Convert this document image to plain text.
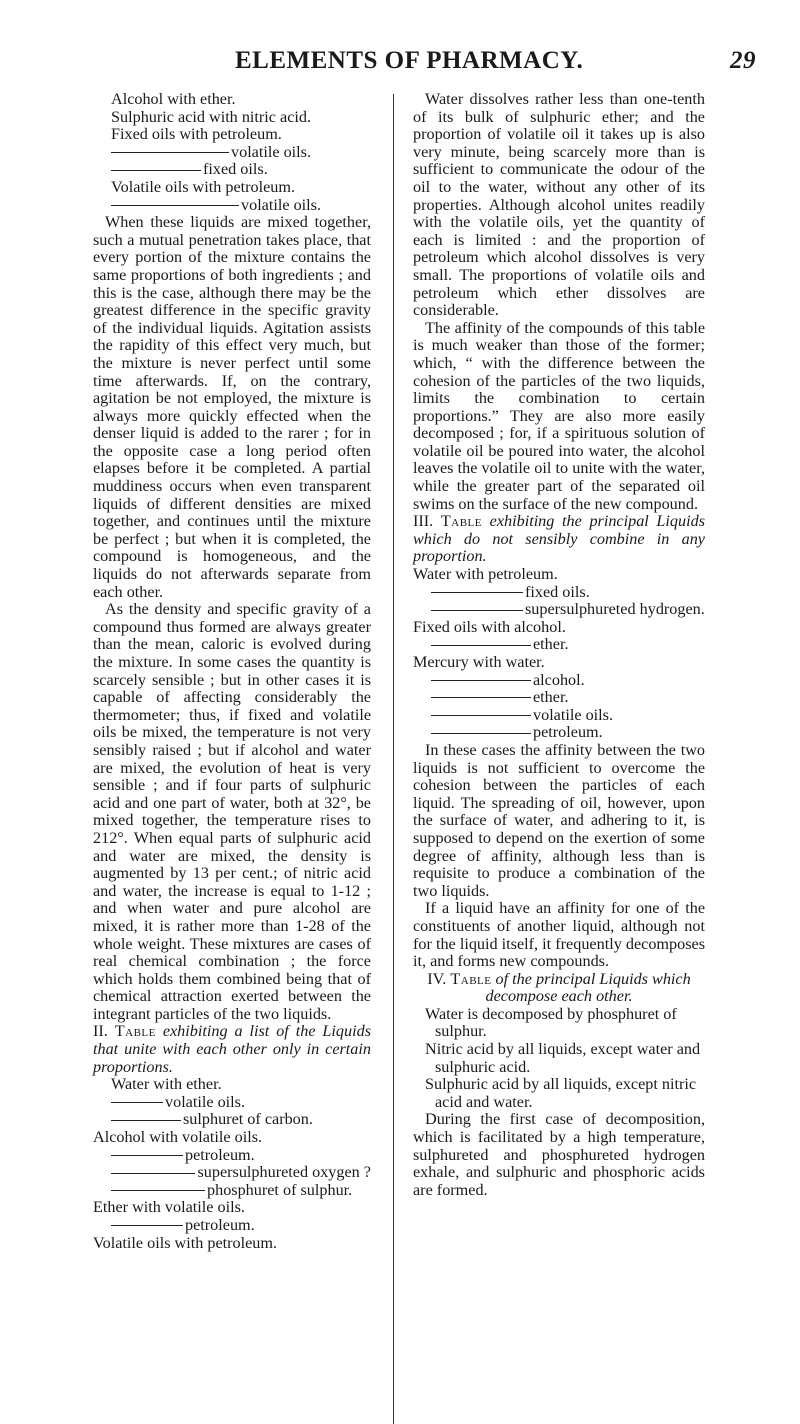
ELEMENTS OF PHARMACY.	29
Alcohol with ether.
Sulphuric acid with nitric acid.
Fixed oils with petroleum.
volatile oils.
fixed oils.
Volatile oils with petroleum.
volatile oils.

When these liquids are mixed together, such a mutual penetration takes place, that every portion of the mixture contains the same proportions of both ingredients ; and this is the case, although there may be the greatest difference in the specific gravity of the individual liquids. Agitation assists the rapidity of this effect very much, but the mixture is never perfect until some time afterwards. If, on the contrary, agitation be not employed, the mixture is always more quickly effected when the denser liquid is added to the rarer ; for in the opposite case a long period often elapses before it be completed. A partial muddiness occurs when even transparent liquids of different densities are mixed together, and continues until the mixture be perfect ; but when it is completed, the compound is homogeneous, and the liquids do not afterwards separate from each other.

As the density and specific gravity of a compound thus formed are always greater than the mean, caloric is evolved during the mixture. In some cases the quantity is scarcely sensible ; but in other cases it is capable of affecting considerably the thermometer; thus, if fixed and volatile oils be mixed, the temperature is not very sensibly raised ; but if alcohol and water are mixed, the evolution of heat is very sensible ; and if four parts of sulphuric acid and one part of water, both at 32°, be mixed together, the temperature rises to 212°. When equal parts of sulphuric acid and water are mixed, the density is augmented by 13 per cent.; of nitric acid and water, the increase is equal to 1-12 ; and when water and pure alcohol are mixed, it is rather more than 1-28 of the whole weight. These mixtures are cases of real chemical combination ; the force which holds them combined being that of chemical attraction exerted between the integrant particles of the two liquids.

II. Table exhibiting a list of the Liquids that unite with each other only in certain proportions.

Water with ether.
volatile oils.
sulphuret of carbon.
Alcohol with volatile oils.
petroleum.
supersulphureted oxygen ?
phosphuret of sulphur.
Ether with volatile oils.
petroleum.
Volatile oils with petroleum.

Water dissolves rather less than one-tenth of its bulk of sulphuric ether; and the proportion of volatile oil it takes up is also very minute, being scarcely more than is sufficient to communicate the odour of the oil to the water, without any other of its properties. Although alcohol unites readily with the volatile oils, yet the quantity of each is limited : and the proportion of petroleum which alcohol dissolves is very small. The proportions of volatile oils and petroleum which ether dissolves are considerable.

The affinity of the compounds of this table is much weaker than those of the former; which, “ with the difference between the cohesion of the particles of the two liquids, limits the combination to certain proportions.” They are also more easily decomposed ; for, if a spirituous solution of volatile oil be poured into water, the alcohol leaves the volatile oil to unite with the water, while the greater part of the separated oil swims on the surface of the new compound.

III. Table exhibiting the principal Liquids which do not sensibly combine in any proportion.

Water with petroleum.
fixed oils.
supersulphureted hydrogen.
Fixed oils with alcohol.
ether.
Mercury with water.
alcohol.
ether.
volatile oils.
petroleum.

In these cases the affinity between the two liquids is not sufficient to overcome the cohesion between the particles of each liquid. The spreading of oil, however, upon the surface of water, and adhering to it, is supposed to depend on the exertion of some degree of affinity, although less than is requisite to produce a combination of the two liquids.

If a liquid have an affinity for one of the constituents of another liquid, although not for the liquid itself, it frequently decomposes it, and forms new compounds.

IV. Table of the principal Liquids which decompose each other.

Water is decomposed by phosphuret of sulphur.

Nitric acid by all liquids, except water and sulphuric acid.

Sulphuric acid by all liquids, except nitric acid and water.

During the first case of decomposition, which is facilitated by a high temperature, sulphureted and phosphureted hydrogen exhale, and sulphuric and phosphoric acids are formed.
